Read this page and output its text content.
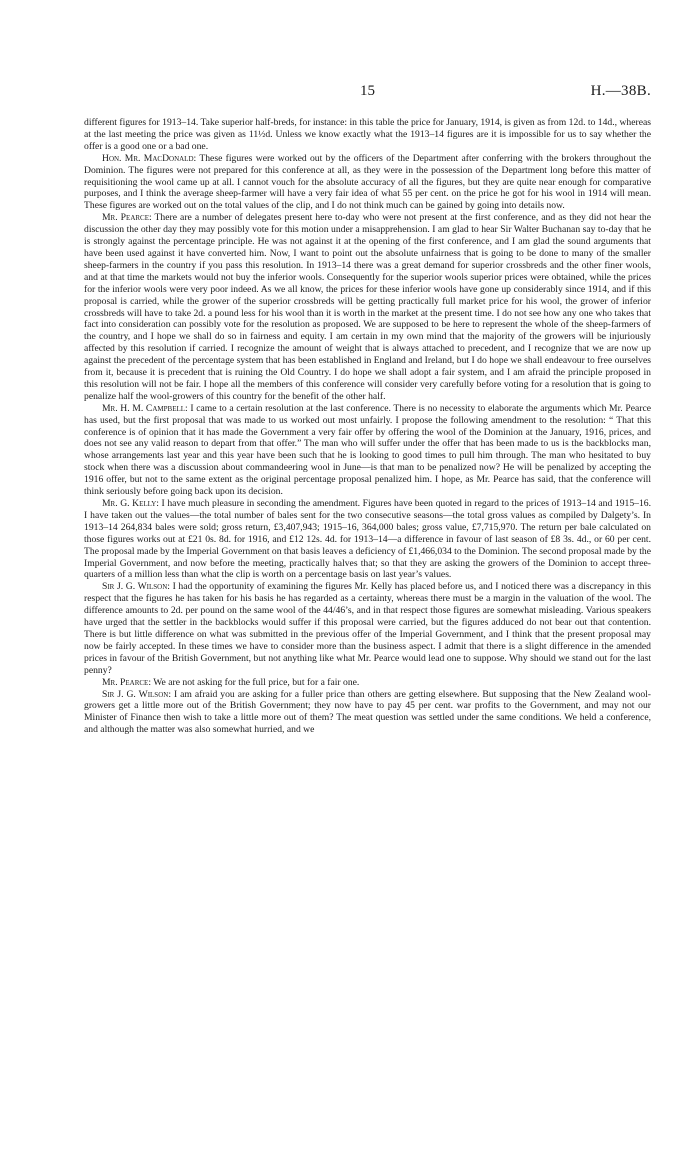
15	H.—38B.

different figures for 1913–14. Take superior half-breds, for instance: in this table the price for January, 1914, is given as from 12d. to 14d., whereas at the last meeting the price was given as 11½d. Unless we know exactly what the 1913–14 figures are it is impossible for us to say whether the offer is a good one or a bad one.

Hon. Mr. MacDonald: These figures were worked out by the officers of the Department after conferring with the brokers throughout the Dominion. The figures were not prepared for this conference at all, as they were in the possession of the Department long before this matter of requisitioning the wool came up at all. I cannot vouch for the absolute accuracy of all the figures, but they are quite near enough for comparative purposes, and I think the average sheep-farmer will have a very fair idea of what 55 per cent. on the price he got for his wool in 1914 will mean. These figures are worked out on the total values of the clip, and I do not think much can be gained by going into details now.

Mr. Pearce: There are a number of delegates present here to-day who were not present at the first conference, and as they did not hear the discussion the other day they may possibly vote for this motion under a misapprehension. I am glad to hear Sir Walter Buchanan say to-day that he is strongly against the percentage principle. He was not against it at the opening of the first conference, and I am glad the sound arguments that have been used against it have converted him. Now, I want to point out the absolute unfairness that is going to be done to many of the smaller sheep-farmers in the country if you pass this resolution. In 1913–14 there was a great demand for superior crossbreds and the other finer wools, and at that time the markets would not buy the inferior wools. Consequently for the superior wools superior prices were obtained, while the prices for the inferior wools were very poor indeed. As we all know, the prices for these inferior wools have gone up considerably since 1914, and if this proposal is carried, while the grower of the superior crossbreds will be getting practically full market price for his wool, the grower of inferior crossbreds will have to take 2d. a pound less for his wool than it is worth in the market at the present time. I do not see how any one who takes that fact into consideration can possibly vote for the resolution as proposed. We are supposed to be here to represent the whole of the sheep-farmers of the country, and I hope we shall do so in fairness and equity. I am certain in my own mind that the majority of the growers will be injuriously affected by this resolution if carried. I recognize the amount of weight that is always attached to precedent, and I recognize that we are now up against the precedent of the percentage system that has been established in England and Ireland, but I do hope we shall endeavour to free ourselves from it, because it is precedent that is ruining the Old Country. I do hope we shall adopt a fair system, and I am afraid the principle proposed in this resolution will not be fair. I hope all the members of this conference will consider very carefully before voting for a resolution that is going to penalize half the wool-growers of this country for the benefit of the other half.

Mr. H. M. Campbell: I came to a certain resolution at the last conference. There is no necessity to elaborate the arguments which Mr. Pearce has used, but the first proposal that was made to us worked out most unfairly. I propose the following amendment to the resolution: “ That this conference is of opinion that it has made the Government a very fair offer by offering the wool of the Dominion at the January, 1916, prices, and does not see any valid reason to depart from that offer.” The man who will suffer under the offer that has been made to us is the backblocks man, whose arrangements last year and this year have been such that he is looking to good times to pull him through. The man who hesitated to buy stock when there was a discussion about commandeering wool in June—is that man to be penalized now? He will be penalized by accepting the 1916 offer, but not to the same extent as the original percentage proposal penalized him. I hope, as Mr. Pearce has said, that the conference will think seriously before going back upon its decision.

Mr. G. Kelly: I have much pleasure in seconding the amendment. Figures have been quoted in regard to the prices of 1913–14 and 1915–16. I have taken out the values—the total number of bales sent for the two consecutive seasons—the total gross values as compiled by Dalgety’s. In 1913–14 264,834 bales were sold; gross return, £3,407,943; 1915–16, 364,000 bales; gross value, £7,715,970. The return per bale calculated on those figures works out at £21 0s. 8d. for 1916, and £12 12s. 4d. for 1913–14—a difference in favour of last season of £8 3s. 4d., or 60 per cent. The proposal made by the Imperial Government on that basis leaves a deficiency of £1,466,034 to the Dominion. The second proposal made by the Imperial Government, and now before the meeting, practically halves that; so that they are asking the growers of the Dominion to accept three-quarters of a million less than what the clip is worth on a percentage basis on last year’s values.

Sir J. G. Wilson: I had the opportunity of examining the figures Mr. Kelly has placed before us, and I noticed there was a discrepancy in this respect that the figures he has taken for his basis he has regarded as a certainty, whereas there must be a margin in the valuation of the wool. The difference amounts to 2d. per pound on the same wool of the 44/46’s, and in that respect those figures are somewhat misleading. Various speakers have urged that the settler in the backblocks would suffer if this proposal were carried, but the figures adduced do not bear out that contention. There is but little difference on what was submitted in the previous offer of the Imperial Government, and I think that the present proposal may now be fairly accepted. In these times we have to consider more than the business aspect. I admit that there is a slight difference in the amended prices in favour of the British Government, but not anything like what Mr. Pearce would lead one to suppose. Why should we stand out for the last penny?

Mr. Pearce: We are not asking for the full price, but for a fair one.

Sir J. G. Wilson: I am afraid you are asking for a fuller price than others are getting elsewhere. But supposing that the New Zealand wool-growers get a little more out of the British Government; they now have to pay 45 per cent. war profits to the Government, and may not our Minister of Finance then wish to take a little more out of them? The meat question was settled under the same conditions. We held a conference, and although the matter was also somewhat hurried, and we
